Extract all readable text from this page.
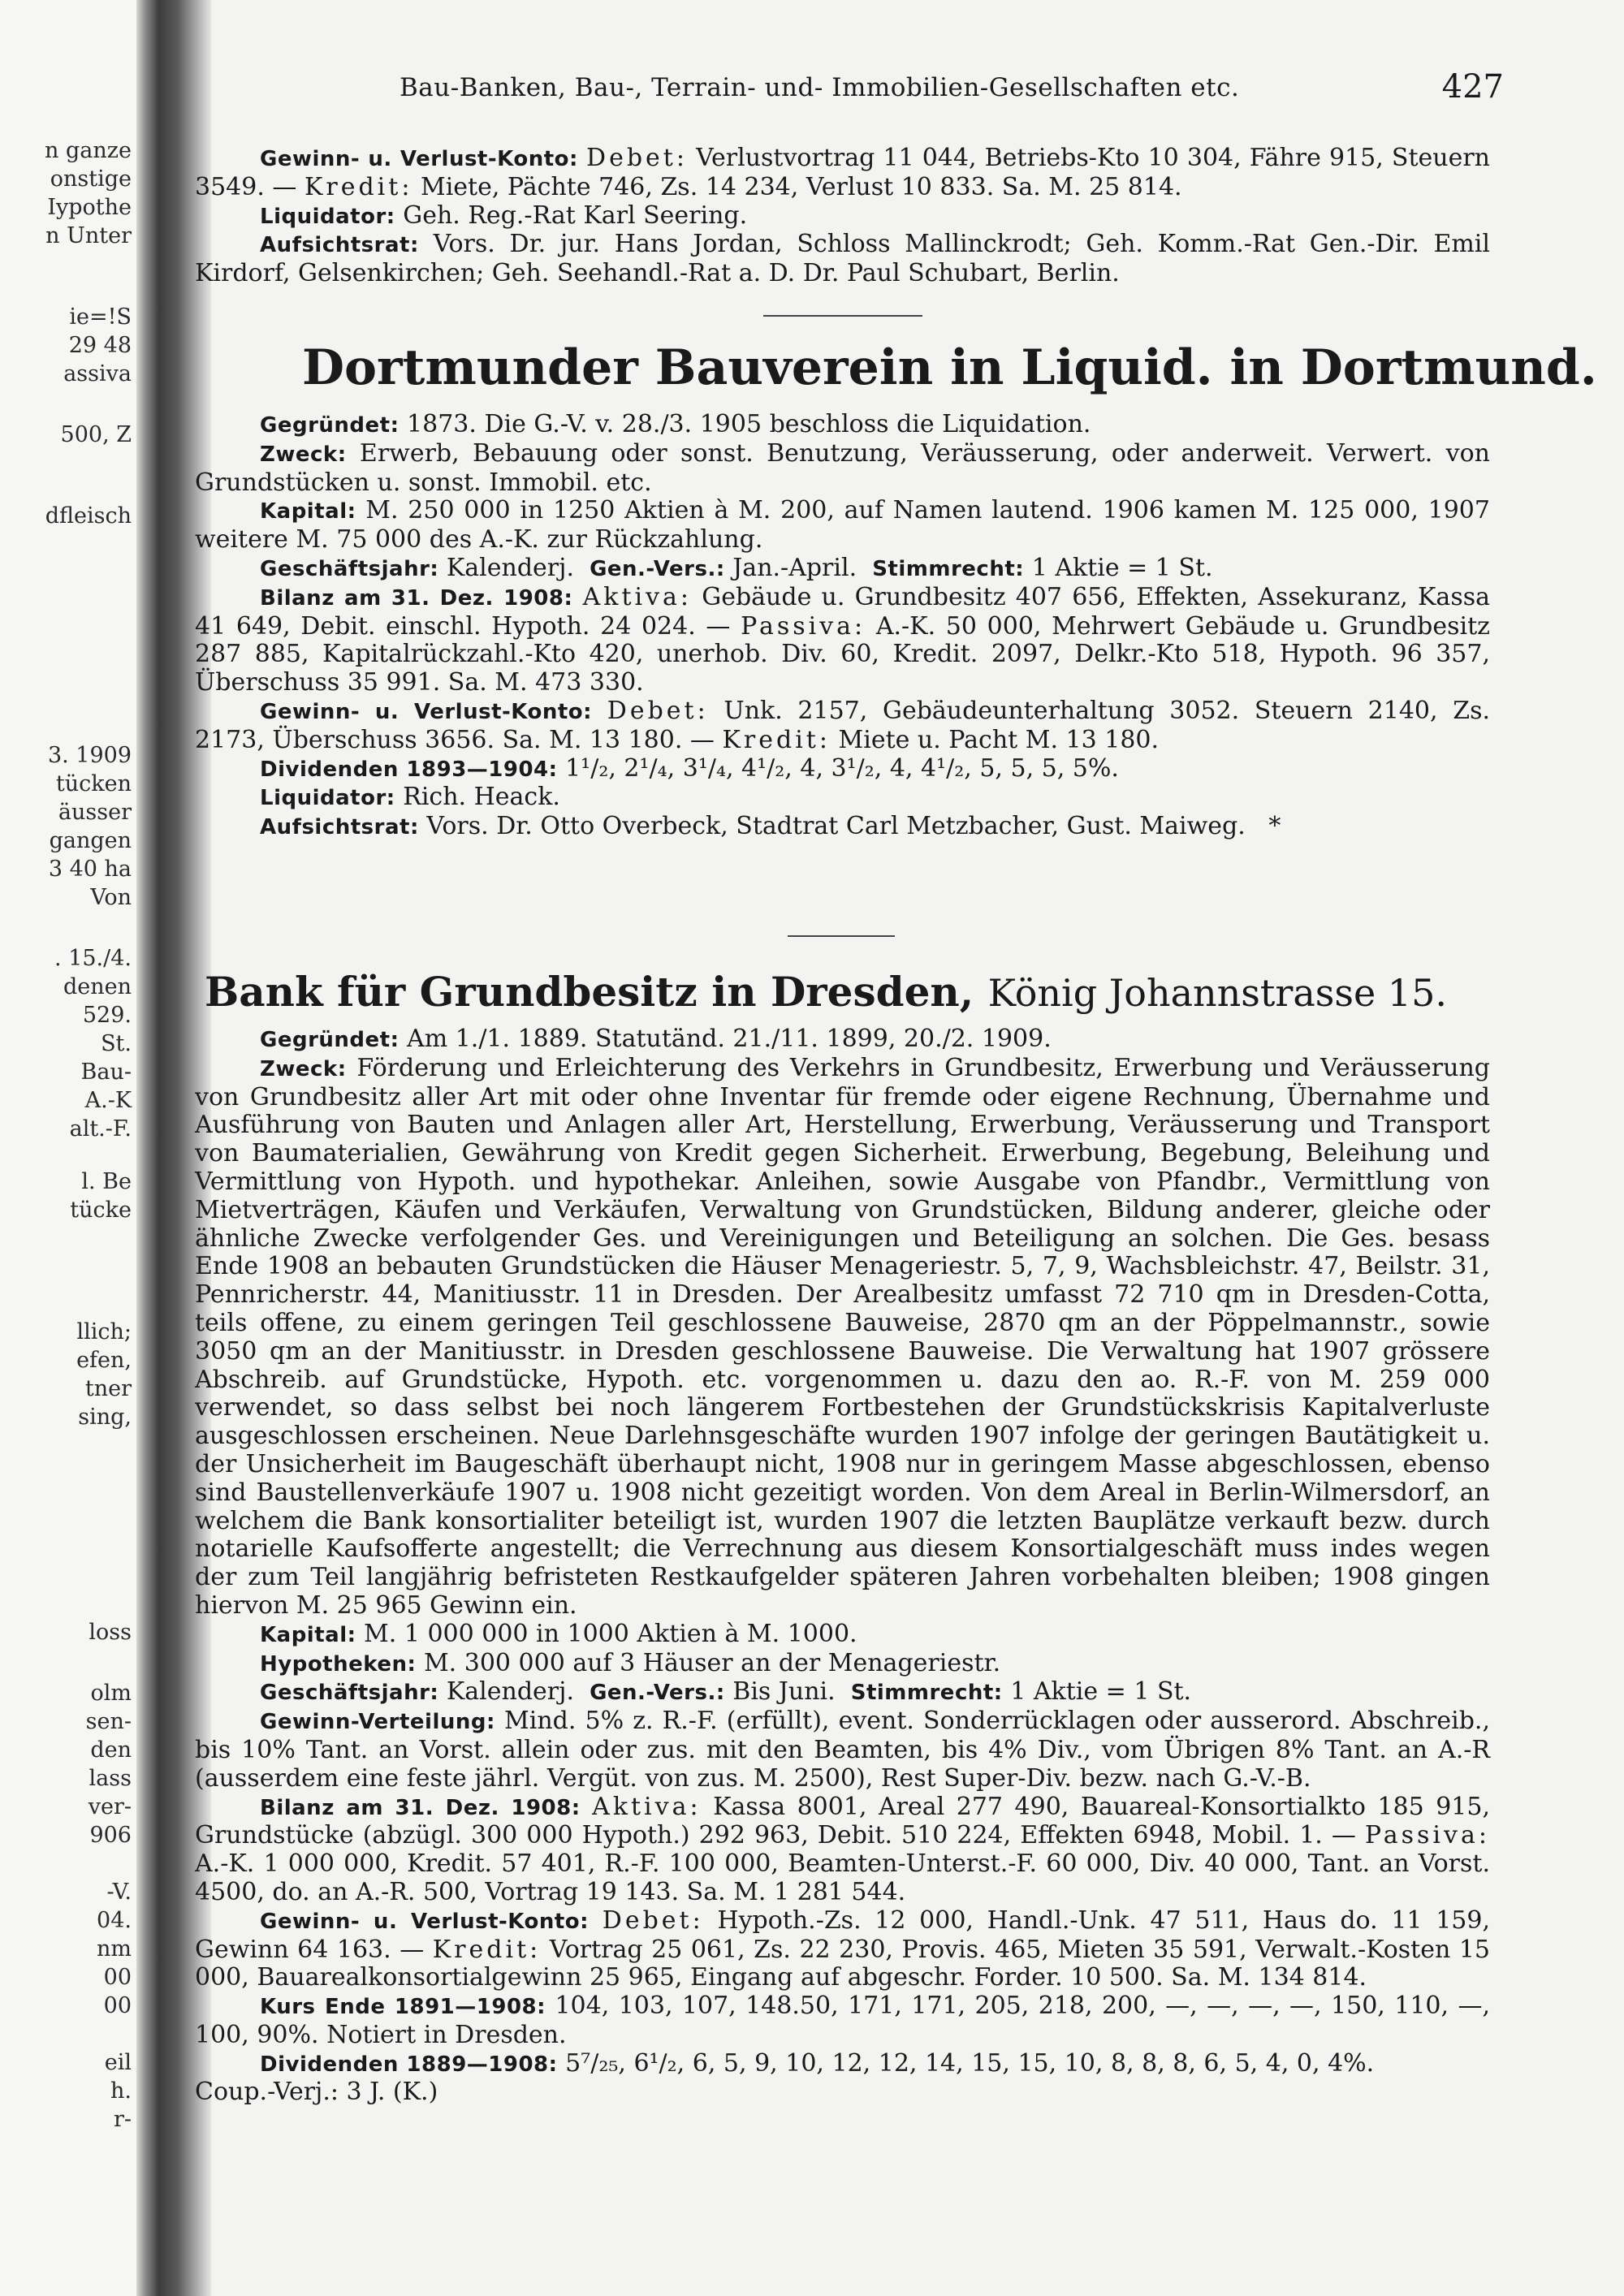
n ganze
onstige
Iypothe
n Unter
ie=!S
29 48
assiva
500, Z
dfleisch
3. 1909
tücken
äusser
gangen
3 40 ha
Von
. 15./4.
denen
529.
St.
Bau-
A.-K
alt.-F.
l. Be
tücke
llich;
efen,
tner
sing,
loss
olm
sen-
den
lass
ver-
906
-V.
04.
nm
00
00
eil
h.
r-
Bau-Banken, Bau-, Terrain- und- Immobilien-Gesellschaften etc.	427

Gewinn- u. Verlust-Konto: Debet: Verlustvortrag 11 044, Betriebs-Kto 10 304, Fähre 915, Steuern 3549. — Kredit: Miete, Pächte 746, Zs. 14 234, Verlust 10 833. Sa. M. 25 814.

Liquidator: Geh. Reg.-Rat Karl Seering.

Aufsichtsrat: Vors. Dr. jur. Hans Jordan, Schloss Mallinckrodt; Geh. Komm.-Rat Gen.-Dir. Emil Kirdorf, Gelsenkirchen; Geh. Seehandl.-Rat a. D. Dr. Paul Schubart, Berlin.

Dortmunder Bauverein in Liquid. in Dortmund.

Gegründet: 1873. Die G.-V. v. 28./3. 1905 beschloss die Liquidation.

Zweck: Erwerb, Bebauung oder sonst. Benutzung, Veräusserung, oder anderweit. Verwert. von Grundstücken u. sonst. Immobil. etc.

Kapital: M. 250 000 in 1250 Aktien à M. 200, auf Namen lautend. 1906 kamen M. 125 000, 1907 weitere M. 75 000 des A.-K. zur Rückzahlung.

Geschäftsjahr: Kalenderj. Gen.-Vers.: Jan.-April. Stimmrecht: 1 Aktie = 1 St.

Bilanz am 31. Dez. 1908: Aktiva: Gebäude u. Grundbesitz 407 656, Effekten, Assekuranz, Kassa 41 649, Debit. einschl. Hypoth. 24 024. — Passiva: A.-K. 50 000, Mehrwert Gebäude u. Grundbesitz 287 885, Kapitalrückzahl.-Kto 420, unerhob. Div. 60, Kredit. 2097, Delkr.-Kto 518, Hypoth. 96 357, Überschuss 35 991. Sa. M. 473 330.

Gewinn- u. Verlust-Konto: Debet: Unk. 2157, Gebäudeunterhaltung 3052. Steuern 2140, Zs. 2173, Überschuss 3656. Sa. M. 13 180. — Kredit: Miete u. Pacht M. 13 180.

Dividenden 1893—1904: 1¹/₂, 2¹/₄, 3¹/₄, 4¹/₂, 4, 3¹/₂, 4, 4¹/₂, 5, 5, 5, 5%.

Liquidator: Rich. Heack.

Aufsichtsrat: Vors. Dr. Otto Overbeck, Stadtrat Carl Metzbacher, Gust. Maiweg. *

Bank für Grundbesitz in Dresden, König Johannstrasse 15.

Gegründet: Am 1./1. 1889. Statutänd. 21./11. 1899, 20./2. 1909.

Zweck: Förderung und Erleichterung des Verkehrs in Grundbesitz, Erwerbung und Veräusserung von Grundbesitz aller Art mit oder ohne Inventar für fremde oder eigene Rechnung, Übernahme und Ausführung von Bauten und Anlagen aller Art, Herstellung, Erwerbung, Veräusserung und Transport von Baumaterialien, Gewährung von Kredit gegen Sicherheit. Erwerbung, Begebung, Beleihung und Vermittlung von Hypoth. und hypothekar. Anleihen, sowie Ausgabe von Pfandbr., Vermittlung von Mietverträgen, Käufen und Verkäufen, Verwaltung von Grundstücken, Bildung anderer, gleiche oder ähnliche Zwecke verfolgender Ges. und Vereinigungen und Beteiligung an solchen. Die Ges. besass Ende 1908 an bebauten Grundstücken die Häuser Menageriestr. 5, 7, 9, Wachsbleichstr. 47, Beilstr. 31, Pennricherstr. 44, Manitiusstr. 11 in Dresden. Der Arealbesitz umfasst 72 710 qm in Dresden-Cotta, teils offene, zu einem geringen Teil geschlossene Bauweise, 2870 qm an der Pöppelmannstr., sowie 3050 qm an der Manitiusstr. in Dresden geschlossene Bauweise. Die Verwaltung hat 1907 grössere Abschreib. auf Grundstücke, Hypoth. etc. vorgenommen u. dazu den ao. R.-F. von M. 259 000 verwendet, so dass selbst bei noch längerem Fortbestehen der Grundstückskrisis Kapitalverluste ausgeschlossen erscheinen. Neue Darlehnsgeschäfte wurden 1907 infolge der geringen Bautätigkeit u. der Unsicherheit im Baugeschäft überhaupt nicht, 1908 nur in geringem Masse abgeschlossen, ebenso sind Baustellenverkäufe 1907 u. 1908 nicht gezeitigt worden. Von dem Areal in Berlin-Wilmersdorf, an welchem die Bank konsortialiter beteiligt ist, wurden 1907 die letzten Bauplätze verkauft bezw. durch notarielle Kaufsofferte angestellt; die Verrechnung aus diesem Konsortialgeschäft muss indes wegen der zum Teil langjährig befristeten Restkaufgelder späteren Jahren vorbehalten bleiben; 1908 gingen hiervon M. 25 965 Gewinn ein.

Kapital: M. 1 000 000 in 1000 Aktien à M. 1000.

Hypotheken: M. 300 000 auf 3 Häuser an der Menageriestr.

Geschäftsjahr: Kalenderj. Gen.-Vers.: Bis Juni. Stimmrecht: 1 Aktie = 1 St.

Gewinn-Verteilung: Mind. 5% z. R.-F. (erfüllt), event. Sonderrücklagen oder ausserord. Abschreib., bis 10% Tant. an Vorst. allein oder zus. mit den Beamten, bis 4% Div., vom Übrigen 8% Tant. an A.-R (ausserdem eine feste jährl. Vergüt. von zus. M. 2500), Rest Super-Div. bezw. nach G.-V.-B.

Bilanz am 31. Dez. 1908: Aktiva: Kassa 8001, Areal 277 490, Bauareal-Konsortialkto 185 915, Grundstücke (abzügl. 300 000 Hypoth.) 292 963, Debit. 510 224, Effekten 6948, Mobil. 1. — Passiva: A.-K. 1 000 000, Kredit. 57 401, R.-F. 100 000, Beamten-Unterst.-F. 60 000, Div. 40 000, Tant. an Vorst. 4500, do. an A.-R. 500, Vortrag 19 143. Sa. M. 1 281 544.

Gewinn- u. Verlust-Konto: Debet: Hypoth.-Zs. 12 000, Handl.-Unk. 47 511, Haus do. 11 159, Gewinn 64 163. — Kredit: Vortrag 25 061, Zs. 22 230, Provis. 465, Mieten 35 591, Verwalt.-Kosten 15 000, Bauarealkonsortialgewinn 25 965, Eingang auf abgeschr. Forder. 10 500. Sa. M. 134 814.

Kurs Ende 1891—1908: 104, 103, 107, 148.50, 171, 171, 205, 218, 200, —, —, —, —, 150, 110, —, 100, 90%. Notiert in Dresden.

Dividenden 1889—1908: 5⁷/₂₅, 6¹/₂, 6, 5, 9, 10, 12, 12, 14, 15, 15, 10, 8, 8, 8, 6, 5, 4, 0, 4%.

Coup.-Verj.: 3 J. (K.)
